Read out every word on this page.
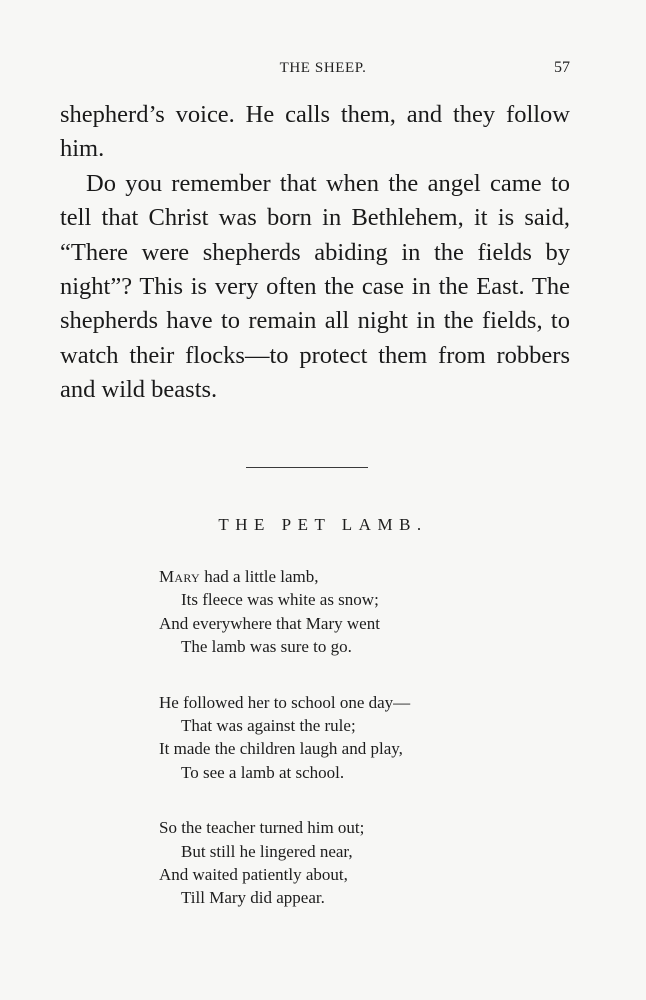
THE SHEEP.	57

shepherd’s voice. He calls them, and they follow him.

Do you remember that when the angel came to tell that Christ was born in Bethlehem, it is said, “There were shepherds abiding in the fields by night”? This is very often the case in the East. The shepherds have to remain all night in the fields, to watch their flocks—to protect them from robbers and wild beasts.

THE PET LAMB.
Mary had a little lamb,
Its fleece was white as snow;
And everywhere that Mary went
The lamb was sure to go.
He followed her to school one day—
That was against the rule;
It made the children laugh and play,
To see a lamb at school.
So the teacher turned him out;
But still he lingered near,
And waited patiently about,
Till Mary did appear.
